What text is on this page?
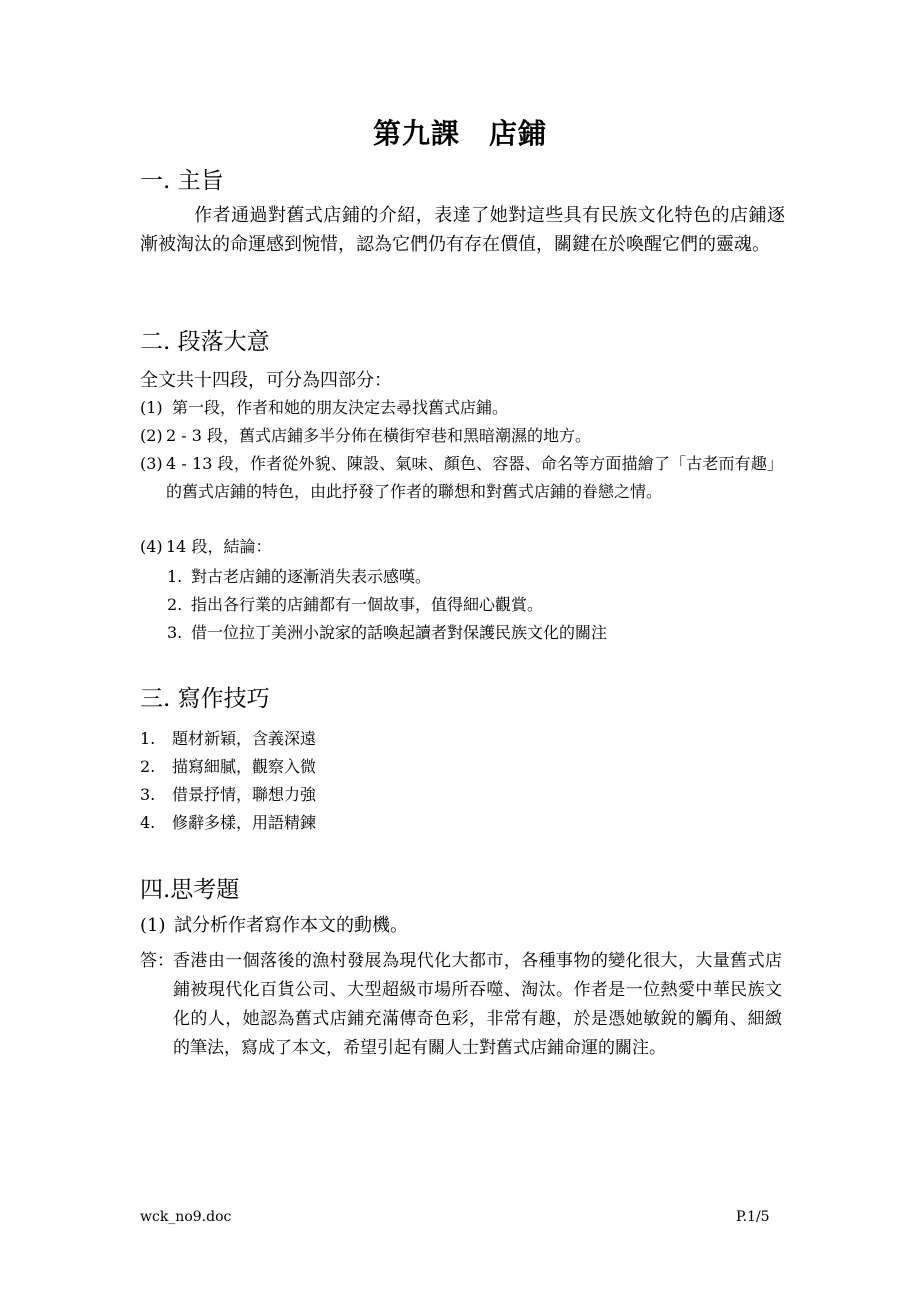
第九課　店鋪
一. 主旨

作者通過對舊式店鋪的介紹，表達了她對這些具有民族文化特色的店鋪逐漸被淘汰的命運感到惋惜，認為它們仍有存在價值，關鍵在於喚醒它們的靈魂。

二. 段落大意
全文共十四段，可分為四部分：
(1) 第一段，作者和她的朋友決定去尋找舊式店鋪。
(2) 2 - 3 段，舊式店鋪多半分佈在橫街窄巷和黑暗潮濕的地方。
(3) 4 - 13 段，作者從外貌、陳設、氣味、顏色、容器、命名等方面描繪了「古老而有趣」的舊式店鋪的特色，由此抒發了作者的聯想和對舊式店鋪的眷戀之情。
(4) 14 段，結論：
1. 對古老店鋪的逐漸消失表示感嘆。
2. 指出各行業的店鋪都有一個故事，值得細心觀賞。
3. 借一位拉丁美洲小說家的話喚起讀者對保護民族文化的關注
三. 寫作技巧
1. 題材新穎，含義深遠
2. 描寫細膩，觀察入微
3. 借景抒情，聯想力強
4. 修辭多樣，用語精鍊
四.思考題
(1) 試分析作者寫作本文的動機。
答： 香港由一個落後的漁村發展為現代化大都市，各種事物的變化很大，大量舊式店鋪被現代化百貨公司、大型超級市場所吞噬、淘汰。作者是一位熱愛中華民族文化的人，她認為舊式店鋪充滿傳奇色彩，非常有趣，於是憑她敏銳的觸角、細緻的筆法，寫成了本文，希望引起有關人士對舊式店鋪命運的關注。
wck_no9.doc	P.1/5
